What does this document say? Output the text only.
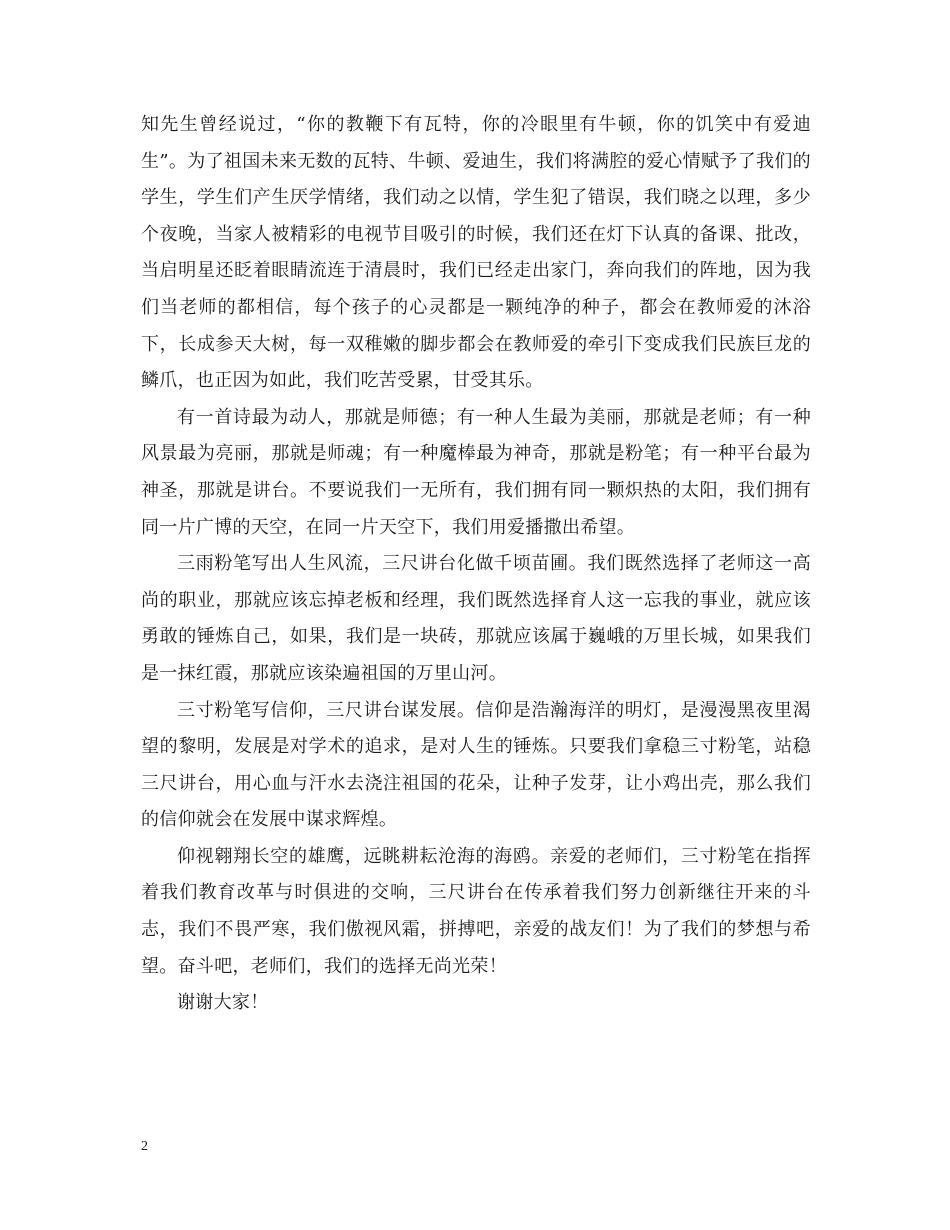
知先生曾经说过，“你的教鞭下有瓦特，你的冷眼里有牛顿，你的饥笑中有爱迪生”。为了祖国未来无数的瓦特、牛顿、爱迪生，我们将满腔的爱心情赋予了我们的学生，学生们产生厌学情绪，我们动之以情，学生犯了错误，我们晓之以理，多少个夜晚，当家人被精彩的电视节目吸引的时候，我们还在灯下认真的备课、批改，当启明星还眨着眼睛流连于清晨时，我们已经走出家门，奔向我们的阵地，因为我们当老师的都相信，每个孩子的心灵都是一颗纯净的种子，都会在教师爱的沐浴下，长成参天大树，每一双稚嫩的脚步都会在教师爱的牵引下变成我们民族巨龙的鳞爪，也正因为如此，我们吃苦受累，甘受其乐。

有一首诗最为动人，那就是师德；有一种人生最为美丽，那就是老师；有一种风景最为亮丽，那就是师魂；有一种魔棒最为神奇，那就是粉笔；有一种平台最为神圣，那就是讲台。不要说我们一无所有，我们拥有同一颗炽热的太阳，我们拥有同一片广博的天空，在同一片天空下，我们用爱播撒出希望。

三雨粉笔写出人生风流，三尺讲台化做千顷苗圃。我们既然选择了老师这一高尚的职业，那就应该忘掉老板和经理，我们既然选择育人这一忘我的事业，就应该勇敢的锤炼自己，如果，我们是一块砖，那就应该属于巍峨的万里长城，如果我们是一抹红霞，那就应该染遍祖国的万里山河。

三寸粉笔写信仰，三尺讲台谋发展。信仰是浩瀚海洋的明灯，是漫漫黑夜里渴望的黎明，发展是对学术的追求，是对人生的锤炼。只要我们拿稳三寸粉笔，站稳三尺讲台，用心血与汗水去浇注祖国的花朵，让种子发芽，让小鸡出壳，那么我们的信仰就会在发展中谋求辉煌。

仰视翱翔长空的雄鹰，远眺耕耘沧海的海鸥。亲爱的老师们，三寸粉笔在指挥着我们教育改革与时俱进的交响，三尺讲台在传承着我们努力创新继往开来的斗志，我们不畏严寒，我们傲视风霜，拼搏吧，亲爱的战友们！为了我们的梦想与希望。奋斗吧，老师们，我们的选择无尚光荣！

谢谢大家！

2
